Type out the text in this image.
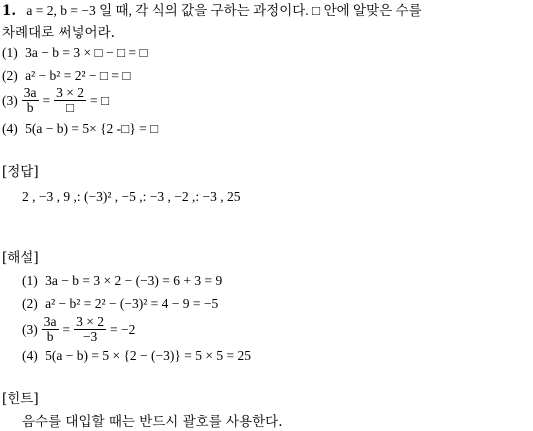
1. a = 2, b = −3 일 때, 각 식의 값을 구하는 과정이다. □ 안에 알맞은 수를
차례대로 써넣어라.
(1) 3a − b = 3 × □ − □ = □
(2) a² − b² = 2² − □ = □
$(3) \frac{3a}{b} = \frac{3 \times 2}{□}$ = □
(4) 5(a − b) = 5× {2 -□} = □
[정답]
2 , −3 , 9 ,: (−3)² , −5 ,: −3 , −2 ,: −3 , 25
[해설]
(1) 3a − b = 3 × 2 − (−3) = 6 + 3 = 9
(2) a² − b² = 2² − (−3)² = 4 − 9 = −5
$(3) \frac{3a}{b} = \frac{3 \times 2}{-3} = -2$
(4) 5(a − b) = 5 × {2 − (−3)} = 5 × 5 = 25
[힌트]
음수를 대입할 때는 반드시 괄호를 사용한다.
